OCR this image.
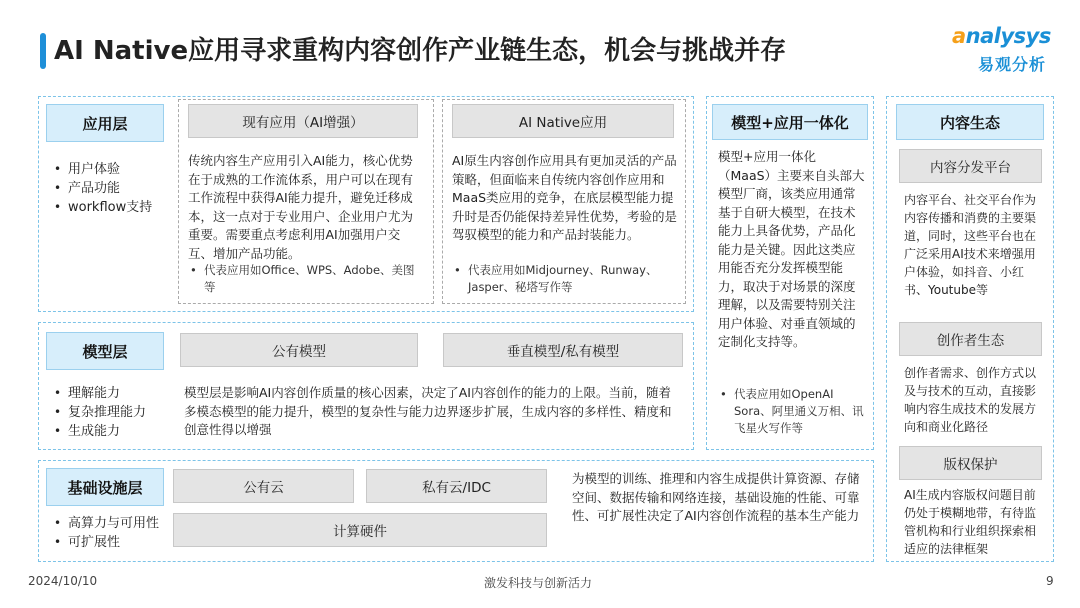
AI Native应用寻求重构内容创作产业链生态，机会与挑战并存	analysys
易观分析
应用层
• 用户体验
• 产品功能
• workflow支持
现有应用（AI增强）
传统内容生产应用引入AI能力，核心优势在于成熟的工作流体系，用户可以在现有工作流程中获得AI能力提升，避免迁移成本，这一点对于专业用户、企业用户尤为重要。需要重点考虑利用AI加强用户交互、增加产品功能。
• 代表应用如Office、WPS、Adobe、美图等
AI Native应用
AI原生内容创作应用具有更加灵活的产品策略，但面临来自传统内容创作应用和MaaS类应用的竞争，在底层模型能力提升时是否仍能保持差异性优势，考验的是驾驭模型的能力和产品封装能力。
• 代表应用如Midjourney、Runway、Jasper、秘塔写作等
模型层
• 理解能力
• 复杂推理能力
• 生成能力
公有模型	垂直模型/私有模型
模型层是影响AI内容创作质量的核心因素，决定了AI内容创作的能力的上限。当前，随着多模态模型的能力提升，模型的复杂性与能力边界逐步扩展，生成内容的多样性、精度和创意性得以增强
基础设施层
• 高算力与可用性
• 可扩展性
公有云	私有云/IDC
计算硬件
为模型的训练、推理和内容生成提供计算资源、存储空间、数据传输和网络连接，基础设施的性能、可靠性、可扩展性决定了AI内容创作流程的基本生产能力
模型+应用一体化
模型+应用一体化（MaaS）主要来自头部大模型厂商，该类应用通常基于自研大模型，在技术能力上具备优势，产品化能力是关键。因此这类应用能否充分发挥模型能力，取决于对场景的深度理解，以及需要特别关注用户体验、对垂直领域的定制化支持等。
• 代表应用如OpenAI Sora、阿里通义万相、讯飞星火写作等
内容生态
内容分发平台
内容平台、社交平台作为内容传播和消费的主要渠道，同时，这些平台也在广泛采用AI技术来增强用户体验，如抖音、小红书、Youtube等
创作者生态
创作者需求、创作方式以及与技术的互动，直接影响内容生成技术的发展方向和商业化路径
版权保护
AI生成内容版权问题目前仍处于模糊地带，有待监管机构和行业组织探索相适应的法律框架
2024/10/10	激发科技与创新活力	9
